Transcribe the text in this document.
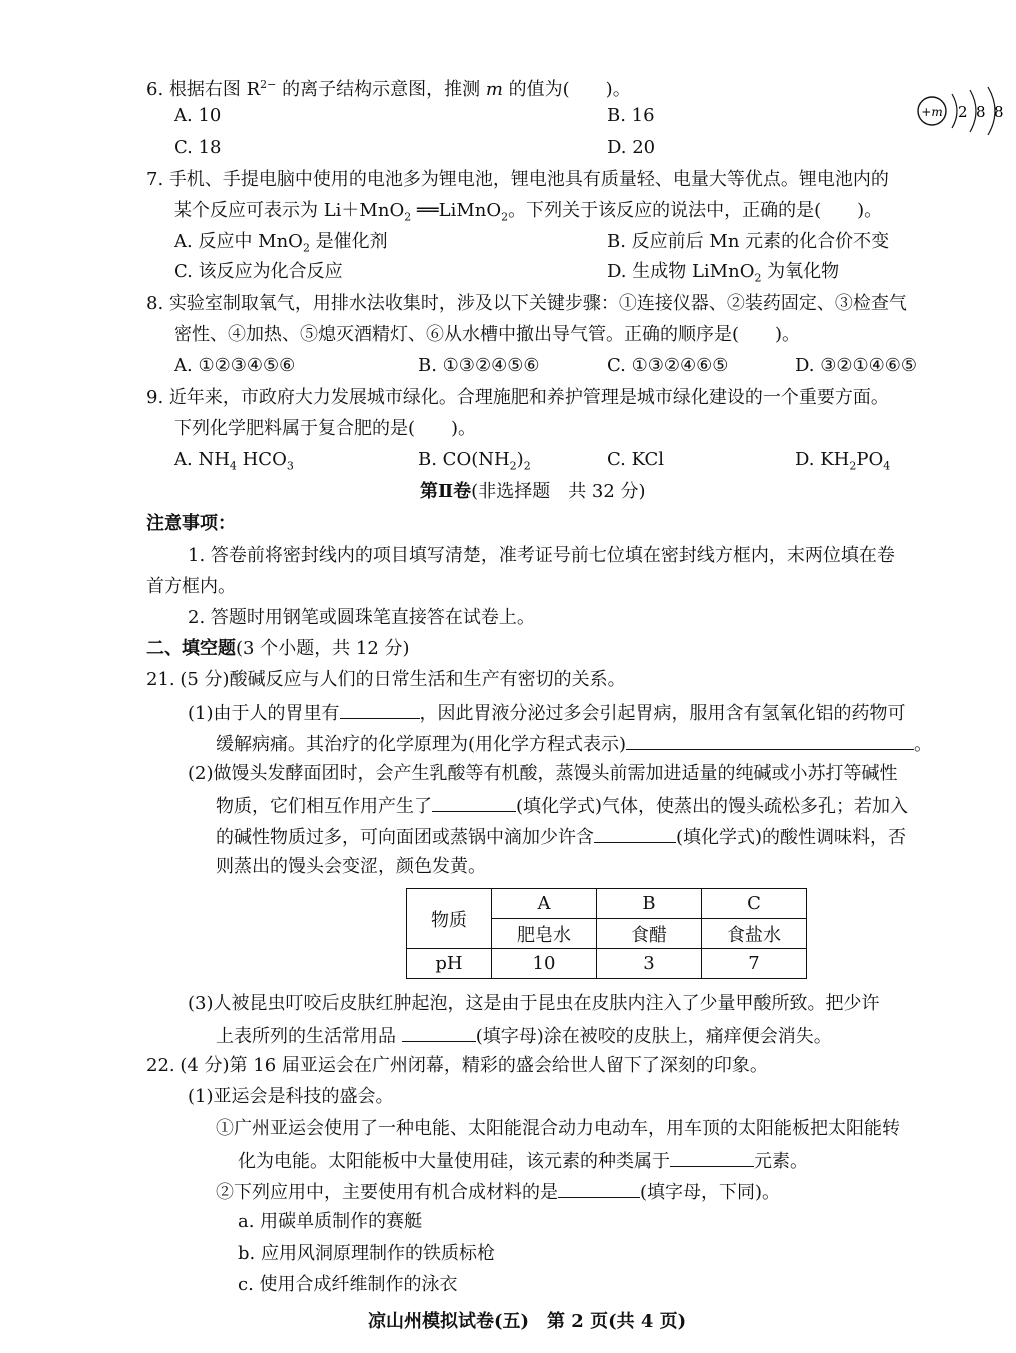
6. 根据右图 $R^{2-}$ 的离子结构示意图，推测 m 的值为(　　)。
A. 10	B. 16
C. 18	D. 20
+m 2 8 8
7. 手机、手提电脑中使用的电池多为锂电池，锂电池具有质量轻、电量大等优点。锂电池内的
某个反应可表示为 Li＋MnO$_2$ ══LiMnO$_2$。下列关于该反应的说法中，正确的是(　　)。
A. 反应中 MnO$_2$ 是催化剂	B. 反应前后 Mn 元素的化合价不变
C. 该反应为化合反应	D. 生成物 LiMnO$_2$ 为氧化物
8. 实验室制取氧气，用排水法收集时，涉及以下关键步骤：①连接仪器、②装药固定、③检查气
密性、④加热、⑤熄灭酒精灯、⑥从水槽中撤出导气管。正确的顺序是(　　)。
A. ①②③④⑤⑥	B. ①③②④⑤⑥	C. ①③②④⑥⑤	D. ③②①④⑥⑤
9. 近年来，市政府大力发展城市绿化。合理施肥和养护管理是城市绿化建设的一个重要方面。
下列化学肥料属于复合肥的是(　　)。
A. $NH_4$ $HCO_3$	B. $CO(NH_2)_2$	C. KCl	D. $KH_2PO_4$
第Ⅱ卷(非选择题　共 32 分)
注意事项：
1. 答卷前将密封线内的项目填写清楚，准考证号前七位填在密封线方框内，末两位填在卷
首方框内。
2. 答题时用钢笔或圆珠笔直接答在试卷上。
二、填空题(3 个小题，共 12 分)
21. (5 分)酸碱反应与人们的日常生活和生产有密切的关系。
(1)由于人的胃里有	，因此胃液分泌过多会引起胃病，服用含有氢氧化铝的药物可
缓解病痛。其治疗的化学原理为(用化学方程式表示)	。
(2)做馒头发酵面团时，会产生乳酸等有机酸，蒸馒头前需加进适量的纯碱或小苏打等碱性
物质，它们相互作用产生了	(填化学式)气体，使蒸出的馒头疏松多孔；若加入
的碱性物质过多，可向面团或蒸锅中滴加少许含	(填化学式)的酸性调味料，否
则蒸出的馒头会变涩，颜色发黄。
物质	A	B	C
	肥皂水	食醋	食盐水
pH	10	3	7
(3)人被昆虫叮咬后皮肤红肿起泡，这是由于昆虫在皮肤内注入了少量甲酸所致。把少许
上表所列的生活常用品	(填字母)涂在被咬的皮肤上，痛痒便会消失。
22. (4 分)第 16 届亚运会在广州闭幕，精彩的盛会给世人留下了深刻的印象。
(1)亚运会是科技的盛会。
①广州亚运会使用了一种电能、太阳能混合动力电动车，用车顶的太阳能板把太阳能转
化为电能。太阳能板中大量使用硅，该元素的种类属于	元素。
②下列应用中，主要使用有机合成材料的是	(填字母，下同)。
a. 用碳单质制作的赛艇
b. 应用风洞原理制作的铁质标枪
c. 使用合成纤维制作的泳衣
凉山州模拟试卷(五)　第 2 页(共 4 页)
